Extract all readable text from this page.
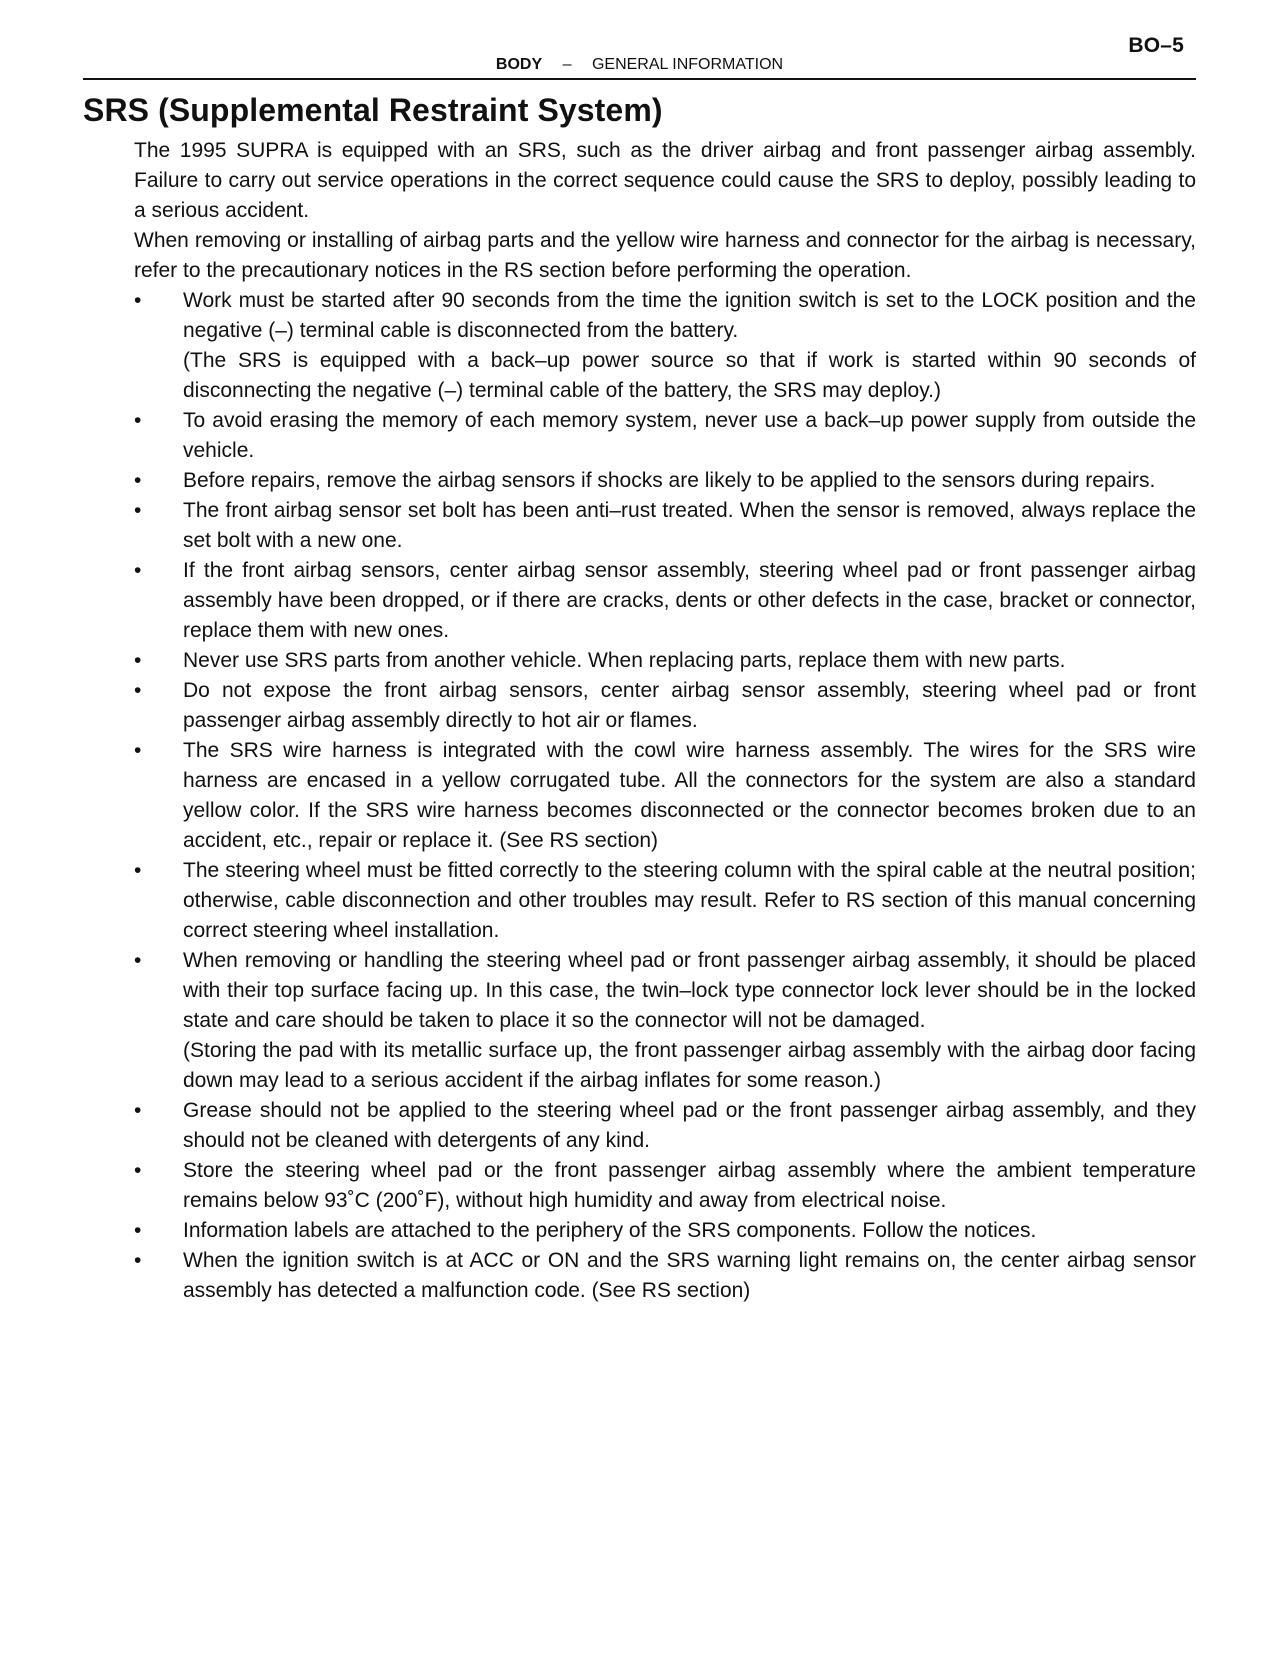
BO–5
BODY – GENERAL INFORMATION
SRS (Supplemental Restraint System)

The 1995 SUPRA is equipped with an SRS, such as the driver airbag and front passenger airbag assembly. Failure to carry out service operations in the correct sequence could cause the SRS to deploy, possibly leading to a serious accident.

When removing or installing of airbag parts and the yellow wire harness and connector for the airbag is necessary, refer to the precautionary notices in the RS section before performing the operation.

•	Work must be started after 90 seconds from the time the ignition switch is set to the LOCK position and the negative (–) terminal cable is disconnected from the battery.
(The SRS is equipped with a back–up power source so that if work is started within 90 seconds of disconnecting the negative (–) terminal cable of the battery, the SRS may deploy.)
•	To avoid erasing the memory of each memory system, never use a back–up power supply from outside the vehicle.
•	Before repairs, remove the airbag sensors if shocks are likely to be applied to the sensors during repairs.
•	The front airbag sensor set bolt has been anti–rust treated. When the sensor is removed, always replace the set bolt with a new one.
•	If the front airbag sensors, center airbag sensor assembly, steering wheel pad or front passenger airbag assembly have been dropped, or if there are cracks, dents or other defects in the case, bracket or connector, replace them with new ones.
•	Never use SRS parts from another vehicle. When replacing parts, replace them with new parts.
•	Do not expose the front airbag sensors, center airbag sensor assembly, steering wheel pad or front passenger airbag assembly directly to hot air or flames.
•	The SRS wire harness is integrated with the cowl wire harness assembly. The wires for the SRS wire harness are encased in a yellow corrugated tube. All the connectors for the system are also a standard yellow color. If the SRS wire harness becomes disconnected or the connector becomes broken due to an accident, etc., repair or replace it. (See RS section)
•	The steering wheel must be fitted correctly to the steering column with the spiral cable at the neutral position; otherwise, cable disconnection and other troubles may result. Refer to RS section of this manual concerning correct steering wheel installation.
•	When removing or handling the steering wheel pad or front passenger airbag assembly, it should be placed with their top surface facing up. In this case, the twin–lock type connector lock lever should be in the locked state and care should be taken to place it so the connector will not be damaged.
(Storing the pad with its metallic surface up, the front passenger airbag assembly with the airbag door facing down may lead to a serious accident if the airbag inflates for some reason.)
•	Grease should not be applied to the steering wheel pad or the front passenger airbag assembly, and they should not be cleaned with detergents of any kind.
•	Store the steering wheel pad or the front passenger airbag assembly where the ambient temperature remains below 93˚C (200˚F), without high humidity and away from electrical noise.
•	Information labels are attached to the periphery of the SRS components. Follow the notices.
•	When the ignition switch is at ACC or ON and the SRS warning light remains on, the center airbag sensor assembly has detected a malfunction code. (See RS section)
